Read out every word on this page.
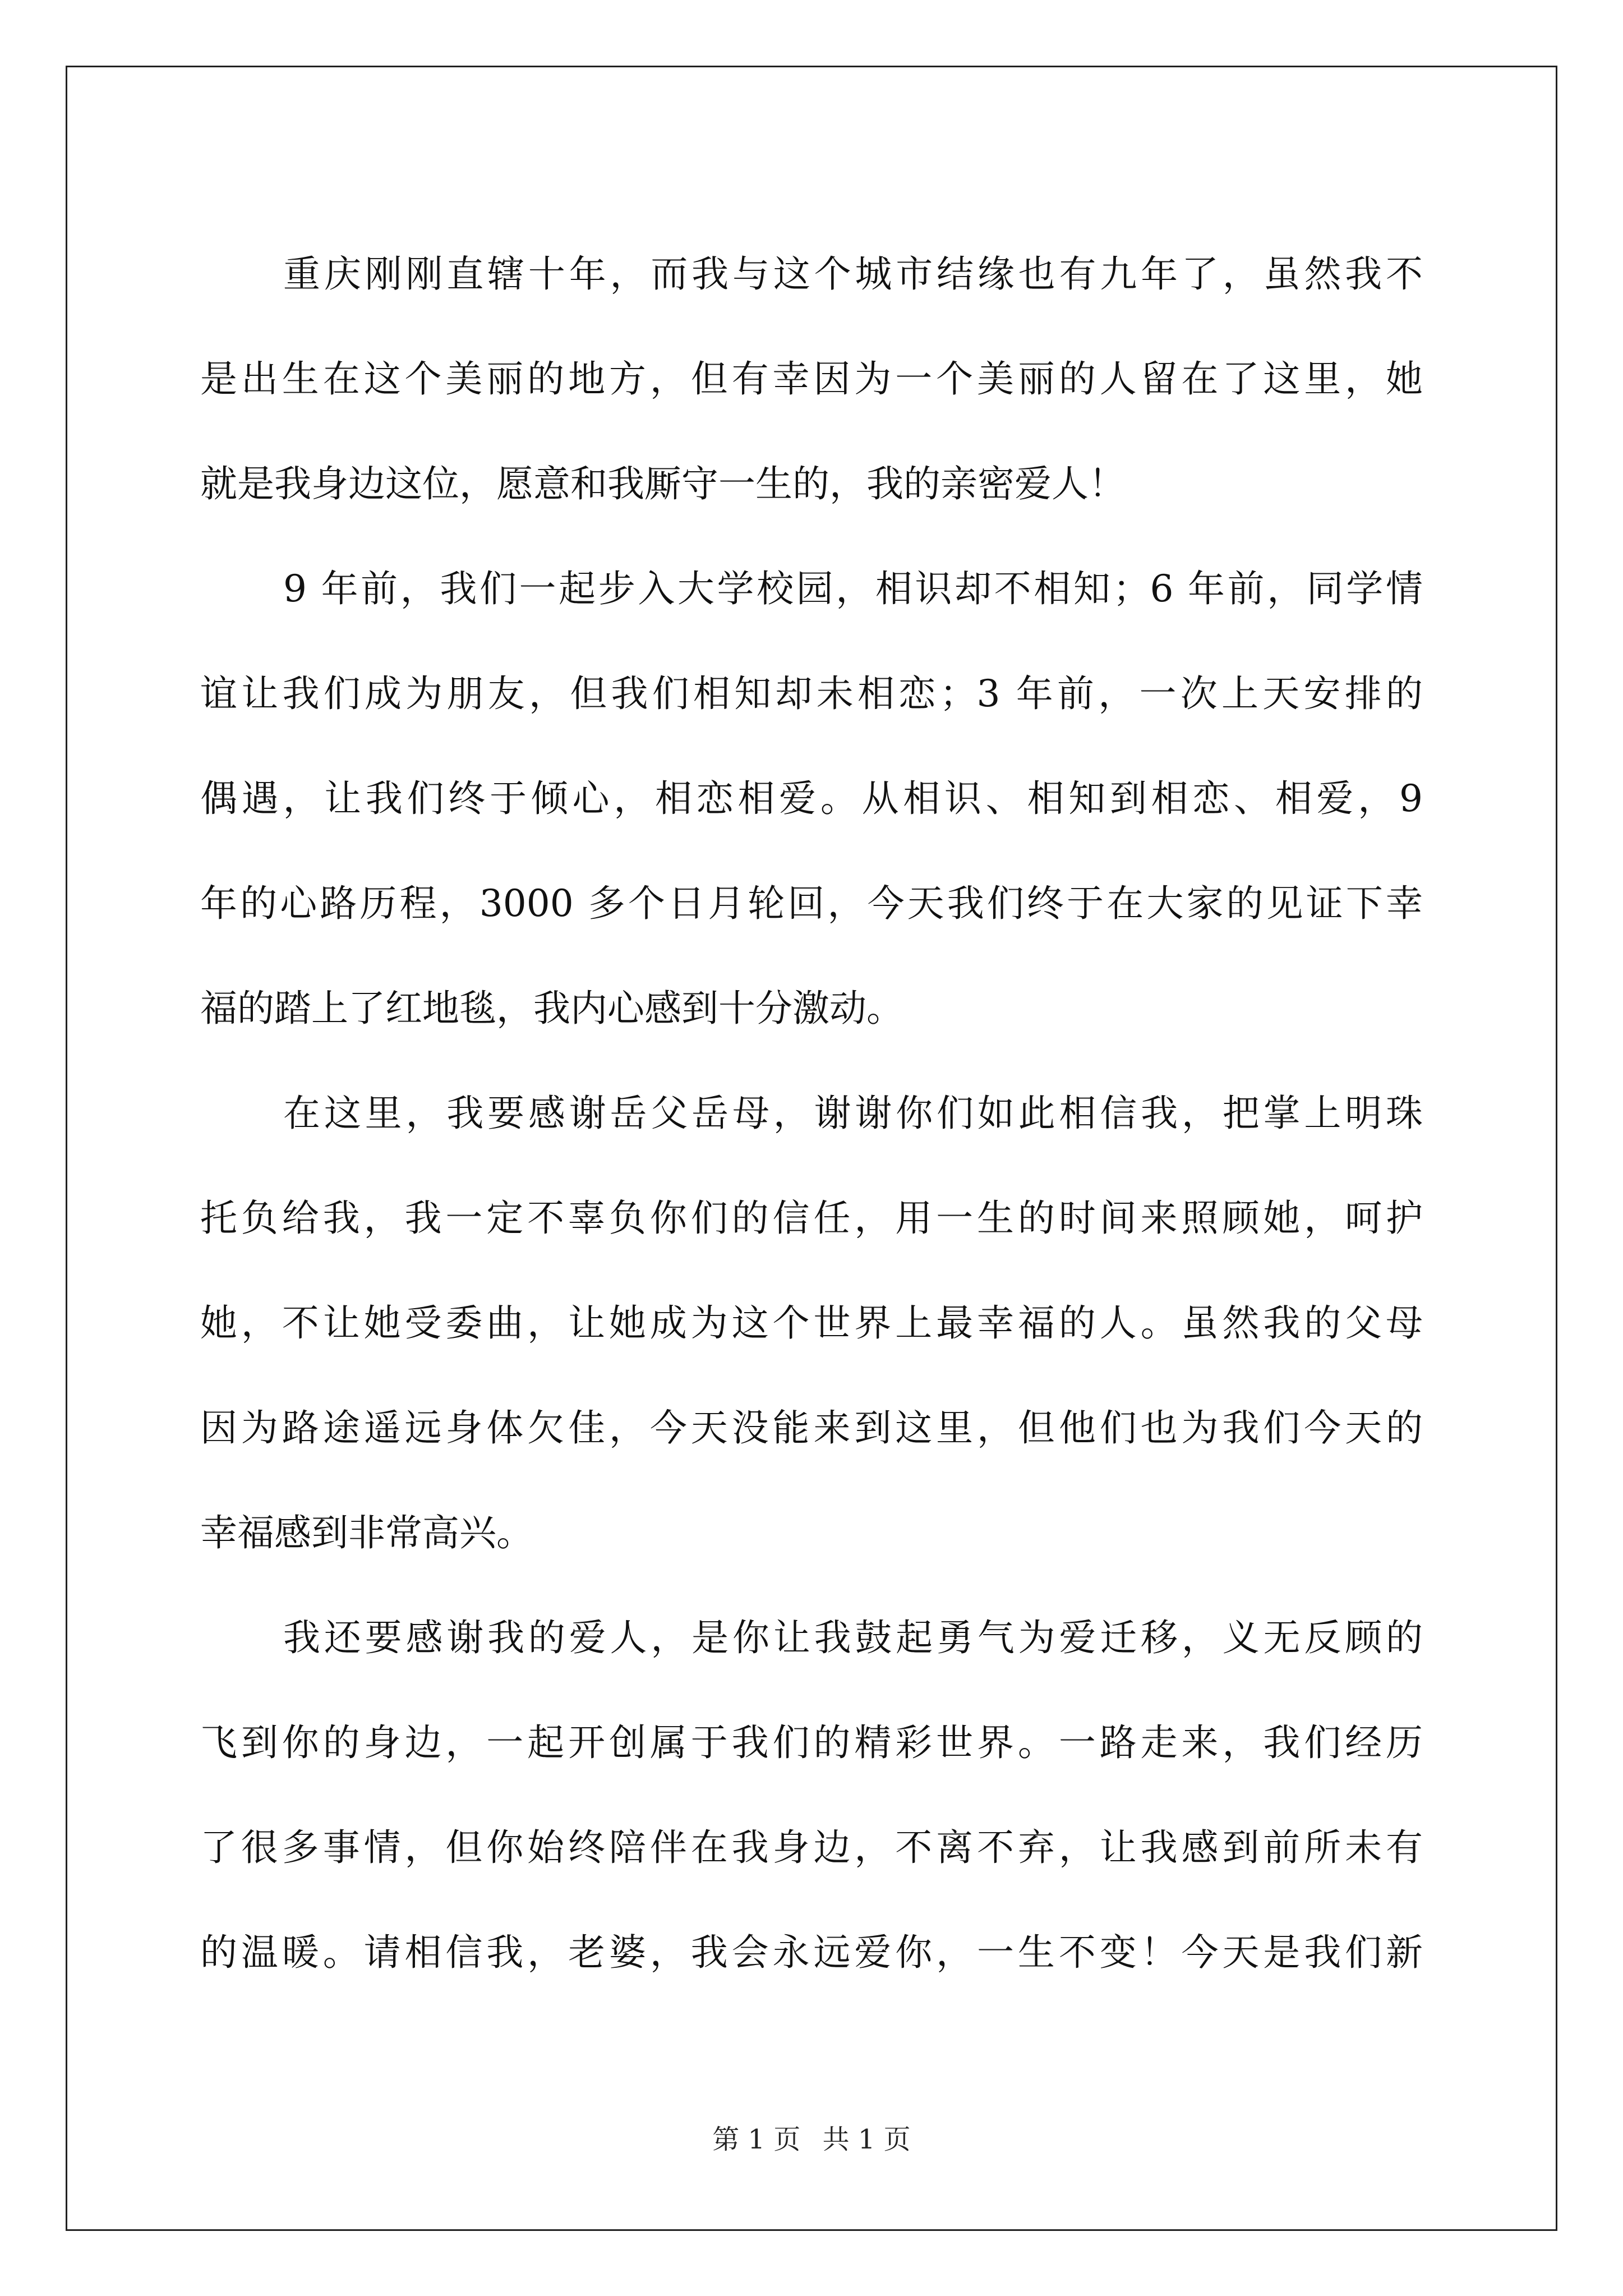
重庆刚刚直辖十年，而我与这个城市结缘也有九年了，虽然我不
是出生在这个美丽的地方，但有幸因为一个美丽的人留在了这里，她
就是我身边这位，愿意和我厮守一生的，我的亲密爱人！
9 年前，我们一起步入大学校园，相识却不相知；6 年前，同学情
谊让我们成为朋友，但我们相知却未相恋；3 年前，一次上天安排的
偶遇，让我们终于倾心，相恋相爱。从相识、相知到相恋、相爱，9
年的心路历程，3000 多个日月轮回，今天我们终于在大家的见证下幸
福的踏上了红地毯，我内心感到十分激动。
在这里，我要感谢岳父岳母，谢谢你们如此相信我，把掌上明珠
托负给我，我一定不辜负你们的信任，用一生的时间来照顾她，呵护
她，不让她受委曲，让她成为这个世界上最幸福的人。虽然我的父母
因为路途遥远身体欠佳，今天没能来到这里，但他们也为我们今天的
幸福感到非常高兴。
我还要感谢我的爱人，是你让我鼓起勇气为爱迁移，义无反顾的
飞到你的身边，一起开创属于我们的精彩世界。一路走来，我们经历
了很多事情，但你始终陪伴在我身边，不离不弃，让我感到前所未有
的温暖。请相信我，老婆，我会永远爱你，一生不变！今天是我们新
第 1 页 共 1 页
